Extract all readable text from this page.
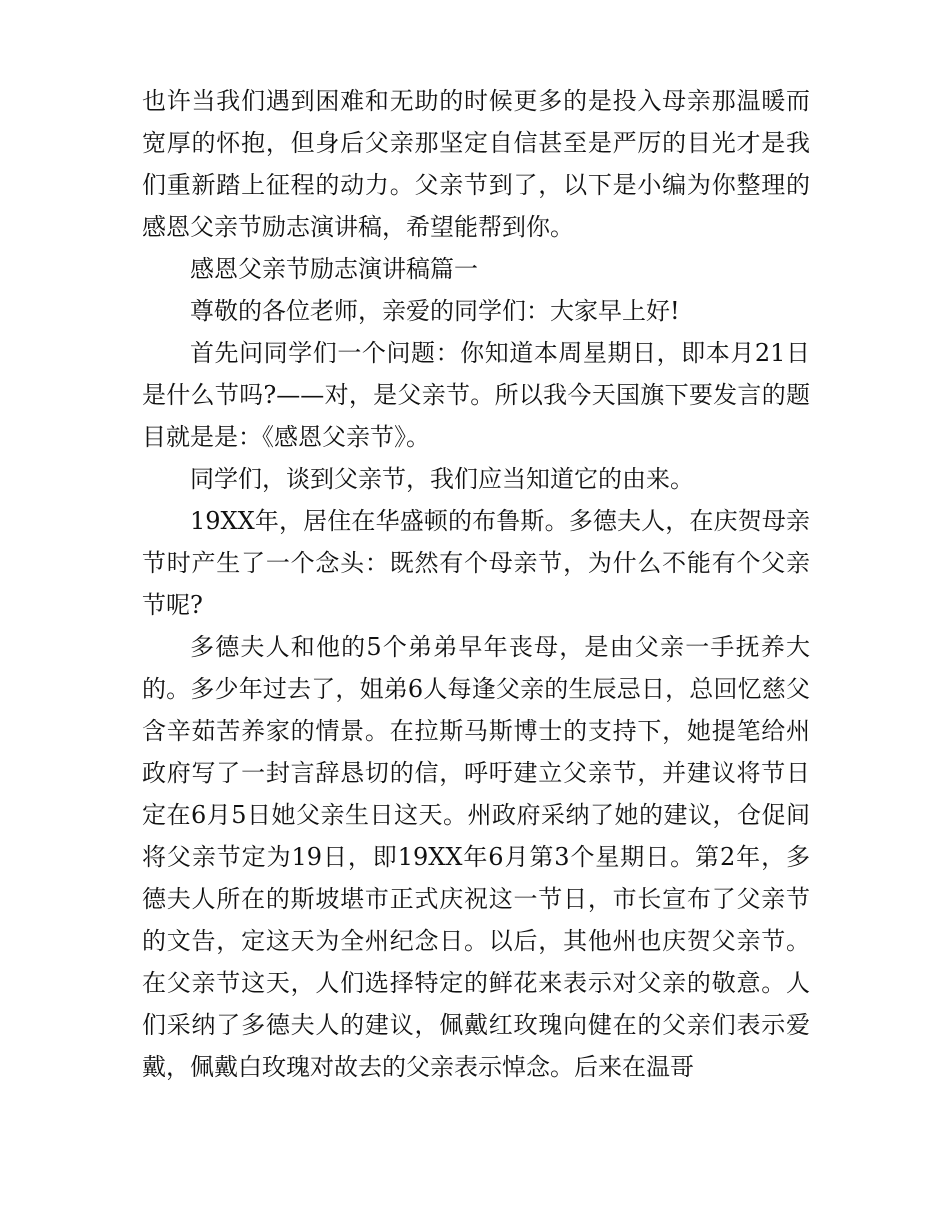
也许当我们遇到困难和无助的时候更多的是投入母亲那温暖而宽厚的怀抱，但身后父亲那坚定自信甚至是严厉的目光才是我们重新踏上征程的动力。父亲节到了，以下是小编为你整理的感恩父亲节励志演讲稿，希望能帮到你。

感恩父亲节励志演讲稿篇一

尊敬的各位老师，亲爱的同学们：大家早上好!

首先问同学们一个问题：你知道本周星期日，即本月21日是什么节吗?——对，是父亲节。所以我今天国旗下要发言的题目就是是：《感恩父亲节》。

同学们，谈到父亲节，我们应当知道它的由来。

19XX年，居住在华盛顿的布鲁斯。多德夫人，在庆贺母亲节时产生了一个念头：既然有个母亲节，为什么不能有个父亲节呢?

多德夫人和他的5个弟弟早年丧母，是由父亲一手抚养大的。多少年过去了，姐弟6人每逢父亲的生辰忌日，总回忆慈父含辛茹苦养家的情景。在拉斯马斯博士的支持下，她提笔给州政府写了一封言辞恳切的信，呼吁建立父亲节，并建议将节日定在6月5日她父亲生日这天。州政府采纳了她的建议，仓促间将父亲节定为19日，即19XX年6月第3个星期日。第2年，多德夫人所在的斯坡堪市正式庆祝这一节日，市长宣布了父亲节的文告，定这天为全州纪念日。以后，其他州也庆贺父亲节。在父亲节这天，人们选择特定的鲜花来表示对父亲的敬意。人们采纳了多德夫人的建议，佩戴红玫瑰向健在的父亲们表示爱戴，佩戴白玫瑰对故去的父亲表示悼念。后来在温哥
